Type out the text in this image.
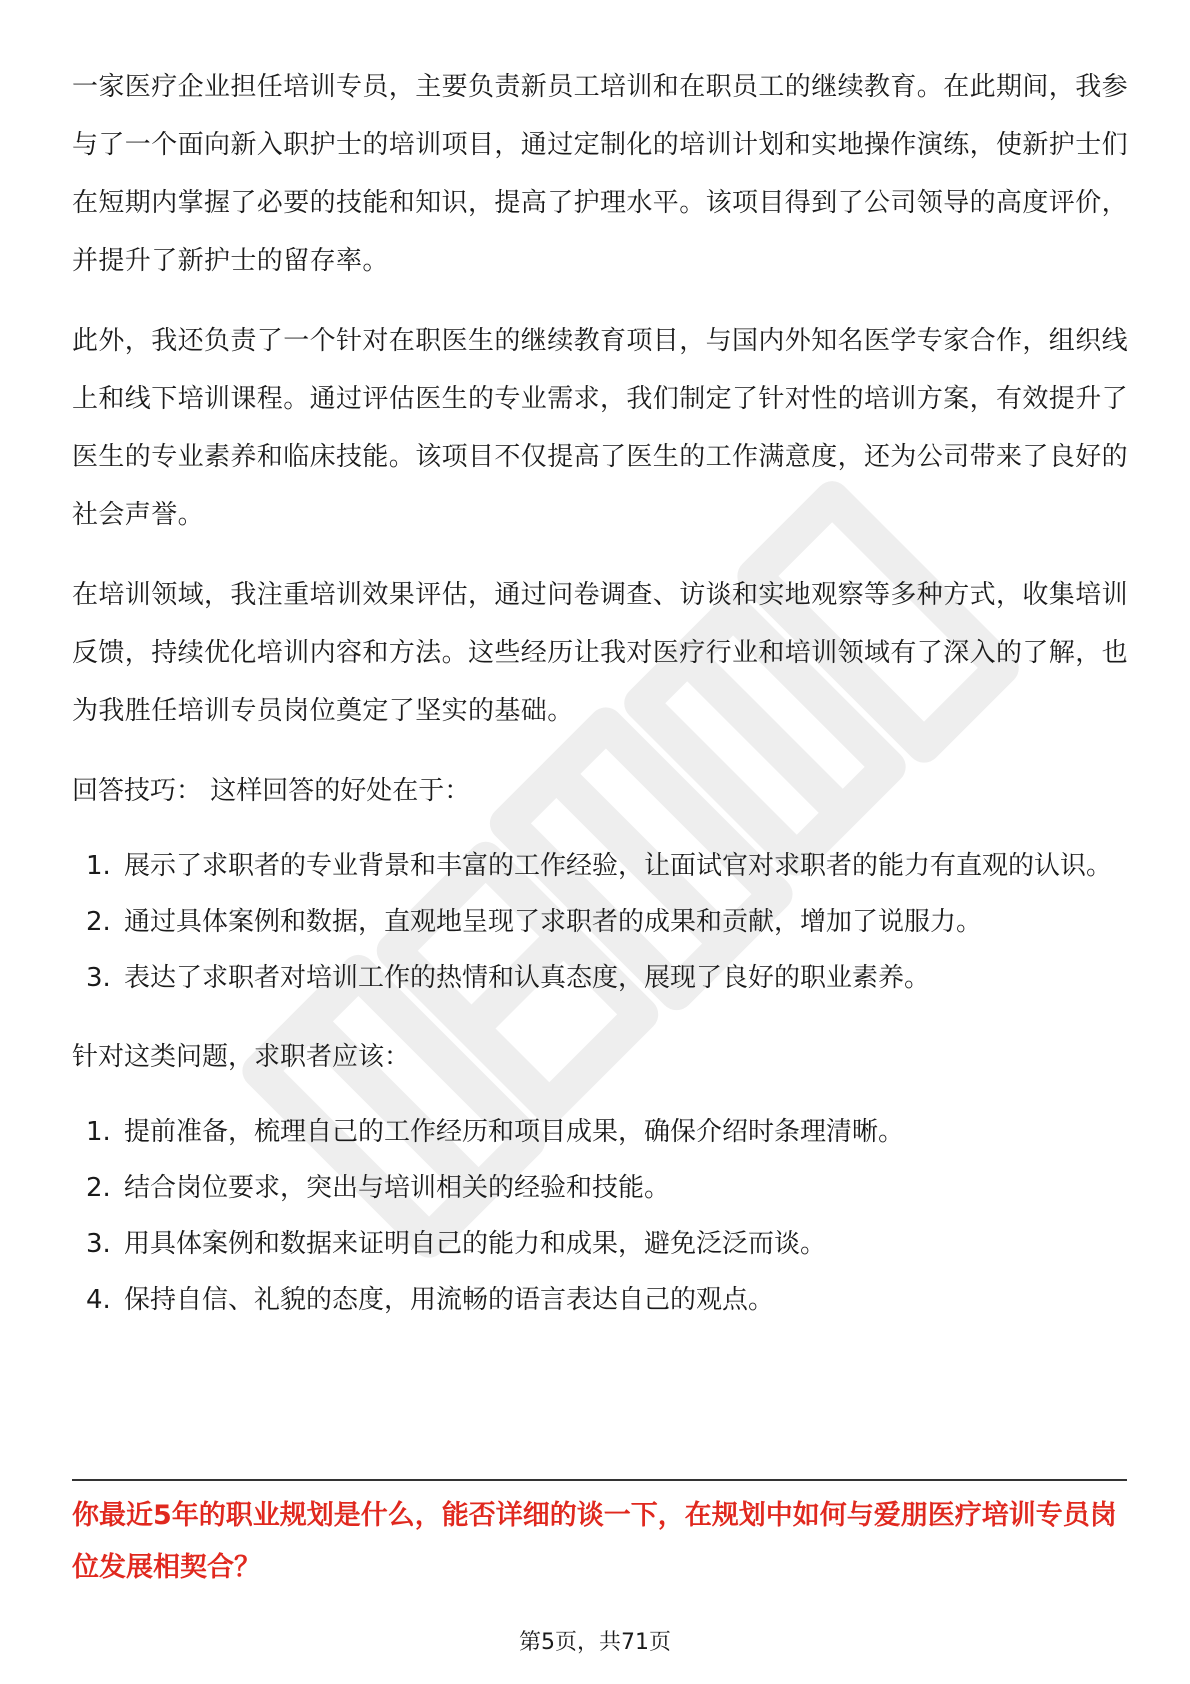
一家医疗企业担任培训专员，主要负责新员工培训和在职员工的继续教育。在此期间，我参与了一个面向新入职护士的培训项目，通过定制化的培训计划和实地操作演练，使新护士们在短期内掌握了必要的技能和知识，提高了护理水平。该项目得到了公司领导的高度评价，并提升了新护士的留存率。

此外，我还负责了一个针对在职医生的继续教育项目，与国内外知名医学专家合作，组织线上和线下培训课程。通过评估医生的专业需求，我们制定了针对性的培训方案，有效提升了医生的专业素养和临床技能。该项目不仅提高了医生的工作满意度，还为公司带来了良好的社会声誉。

在培训领域，我注重培训效果评估，通过问卷调查、访谈和实地观察等多种方式，收集培训反馈，持续优化培训内容和方法。这些经历让我对医疗行业和培训领域有了深入的了解，也为我胜任培训专员岗位奠定了坚实的基础。

回答技巧： 这样回答的好处在于：

1. 展示了求职者的专业背景和丰富的工作经验，让面试官对求职者的能力有直观的认识。
2. 通过具体案例和数据，直观地呈现了求职者的成果和贡献，增加了说服力。
3. 表达了求职者对培训工作的热情和认真态度，展现了良好的职业素养。

针对这类问题，求职者应该：

1. 提前准备，梳理自己的工作经历和项目成果，确保介绍时条理清晰。
2. 结合岗位要求，突出与培训相关的经验和技能。
3. 用具体案例和数据来证明自己的能力和成果，避免泛泛而谈。
4. 保持自信、礼貌的态度，用流畅的语言表达自己的观点。

你最近5年的职业规划是什么，能否详细的谈一下，在规划中如何与爱朋医疗培训专员岗位发展相契合？

第5页，共71页
